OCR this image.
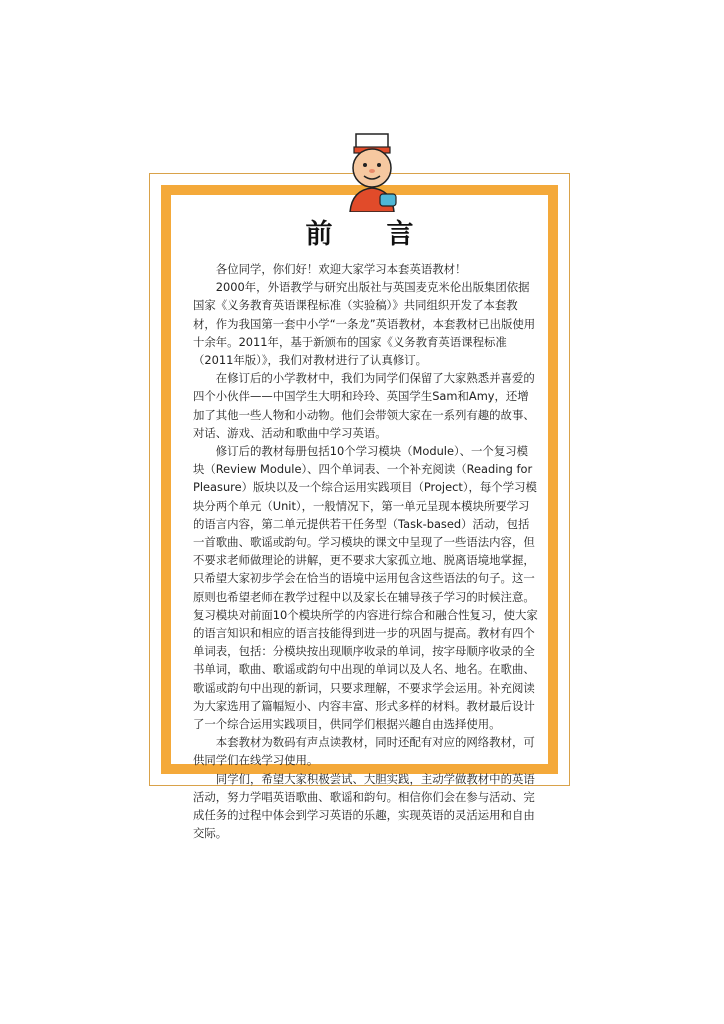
前言

各位同学，你们好！欢迎大家学习本套英语教材！

2000年，外语教学与研究出版社与英国麦克米伦出版集团依据国家《义务教育英语课程标准（实验稿）》共同组织开发了本套教材，作为我国第一套中小学“一条龙”英语教材，本套教材已出版使用十余年。2011年，基于新颁布的国家《义务教育英语课程标准（2011年版）》，我们对教材进行了认真修订。

在修订后的小学教材中，我们为同学们保留了大家熟悉并喜爱的四个小伙伴——中国学生大明和玲玲、英国学生Sam和Amy，还增加了其他一些人物和小动物。他们会带领大家在一系列有趣的故事、对话、游戏、活动和歌曲中学习英语。

修订后的教材每册包括10个学习模块（Module）、一个复习模块（Review Module）、四个单词表、一个补充阅读（Reading for Pleasure）版块以及一个综合运用实践项目（Project），每个学习模块分两个单元（Unit），一般情况下，第一单元呈现本模块所要学习的语言内容，第二单元提供若干任务型（Task-based）活动，包括一首歌曲、歌谣或韵句。学习模块的课文中呈现了一些语法内容，但不要求老师做理论的讲解，更不要求大家孤立地、脱离语境地掌握，只希望大家初步学会在恰当的语境中运用包含这些语法的句子。这一原则也希望老师在教学过程中以及家长在辅导孩子学习的时候注意。复习模块对前面10个模块所学的内容进行综合和融合性复习，使大家的语言知识和相应的语言技能得到进一步的巩固与提高。教材有四个单词表，包括：分模块按出现顺序收录的单词，按字母顺序收录的全书单词，歌曲、歌谣或韵句中出现的单词以及人名、地名。在歌曲、歌谣或韵句中出现的新词，只要求理解，不要求学会运用。补充阅读为大家选用了篇幅短小、内容丰富、形式多样的材料。教材最后设计了一个综合运用实践项目，供同学们根据兴趣自由选择使用。

本套教材为数码有声点读教材，同时还配有对应的网络教材，可供同学们在线学习使用。

同学们，希望大家积极尝试、大胆实践，主动学做教材中的英语活动，努力学唱英语歌曲、歌谣和韵句。相信你们会在参与活动、完成任务的过程中体会到学习英语的乐趣，实现英语的灵活运用和自由交际。
